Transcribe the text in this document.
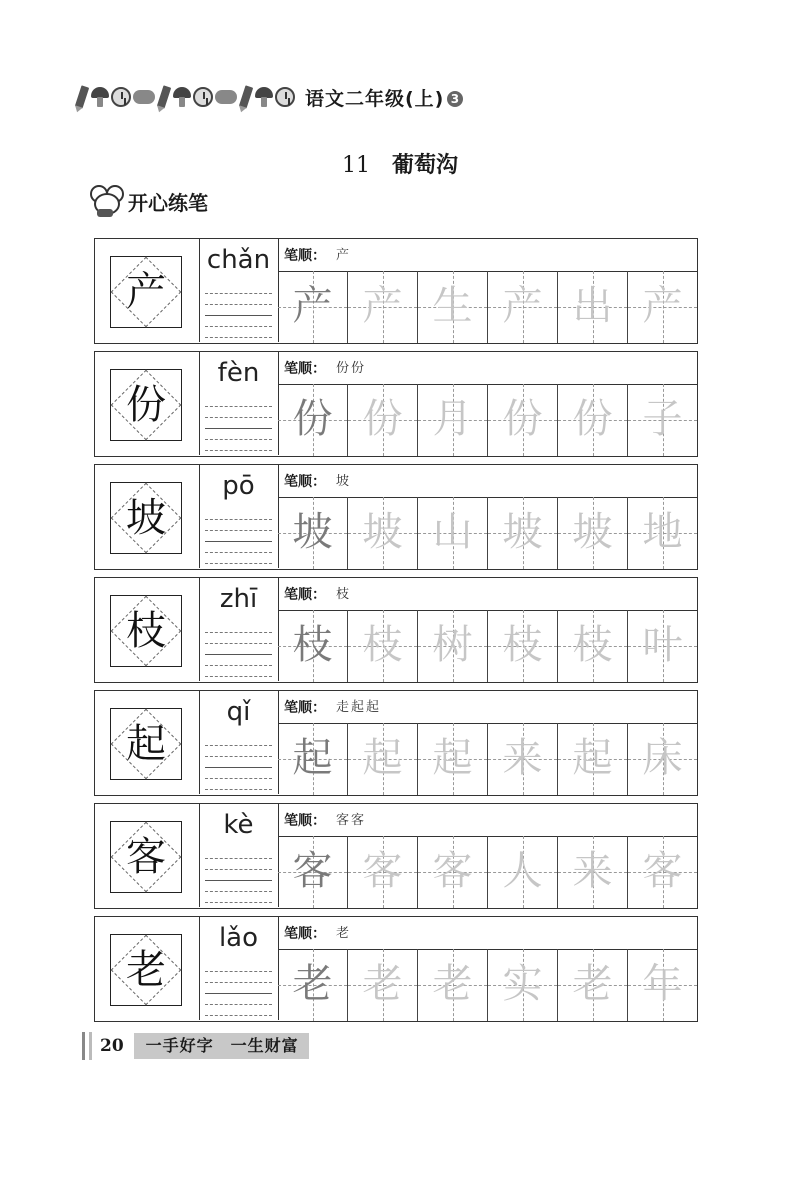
语文二年级(上) 3
11 葡萄沟
开心练笔
产
chǎn 笔顺： 产
产 产 生 产 出 产
份
fèn	笔顺： 份份
份 份 月 份 份 子
坡
pō	笔顺： 坡
坡 坡 山 坡 坡 地
枝
zhī	笔顺： 枝
枝 枝 树 枝 枝 叶
起
qǐ	笔顺： 走起起
起 起 起 来 起 床
客
kè	笔顺： 客客
客 客 客 人 来 客
老
lǎo	笔顺： 老
老 老 老 实 老 年
20	一手好字　一生财富
